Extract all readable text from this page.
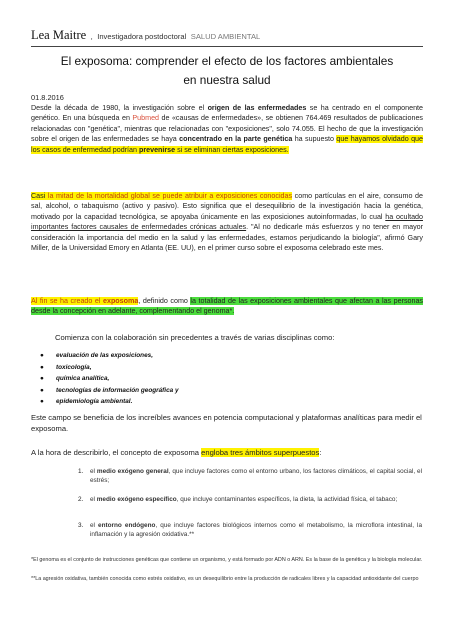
Lea Maitre , Investigadora postdoctoral SALUD AMBIENTAL
El exposoma: comprender el efecto de los factores ambientales
en nuestra salud
01.8.2016
Desde la década de 1980, la investigación sobre el origen de las enfermedades se ha centrado en el componente genético. En una búsqueda en Pubmed de «causas de enfermedades», se obtienen 764.469 resultados de publicaciones relacionadas con "genética", mientras que relacionadas con "exposiciones", solo 74.055. El hecho de que la investigación sobre el origen de las enfermedades se haya concentrado en la parte genética ha supuesto que hayamos olvidado que los casos de enfermedad podrían prevenirse si se eliminan ciertas exposiciones.
Casi la mitad de la mortalidad global se puede atribuir a exposiciones conocidas como partículas en el aire, consumo de sal, alcohol, o tabaquismo (activo y pasivo). Esto significa que el desequilibrio de la investigación hacia la genética, motivado por la capacidad tecnológica, se apoyaba únicamente en las exposiciones autoinformadas, lo cual ha ocultado importantes factores causales de enfermedades crónicas actuales. "Al no dedicarle más esfuerzos y no tener en mayor consideración la importancia del medio en la salud y las enfermedades, estamos perjudicando la biología", afirmó Gary Miller, de la Universidad Emory en Atlanta (EE. UU), en el primer curso sobre el exposoma celebrado este mes.
Al fin se ha creado el exposoma, definido como la totalidad de las exposiciones ambientales que afectan a las personas desde la concepción en adelante, complementando el genoma*.
Comienza con la colaboración sin precedentes a través de varias disciplinas como:
● evaluación de las exposiciones,
● toxicología,
● química analítica,
● tecnologías de información geográfica y
● epidemiología ambiental.
Este campo se beneficia de los increíbles avances en potencia computacional y plataformas analíticas para medir el exposoma.
A la hora de describirlo, el concepto de exposoma engloba tres ámbitos superpuestos:
1. el medio exógeno general, que incluye factores como el entorno urbano, los factores climáticos, el capital social, el estrés;
2. el medio exógeno específico, que incluye contaminantes específicos, la dieta, la actividad física, el tabaco;
3. el entorno endógeno, que incluye factores biológicos internos como el metabolismo, la microflora intestinal, la inflamación y la agresión oxidativa.**
*El genoma es el conjunto de instrucciones genéticas que contiene un organismo, y está formado por ADN o ARN. Es la base de la genética y la biología molecular.
**La agresión oxidativa, también conocida como estrés oxidativo, es un desequilibrio entre la producción de radicales libres y la capacidad antioxidante del cuerpo
